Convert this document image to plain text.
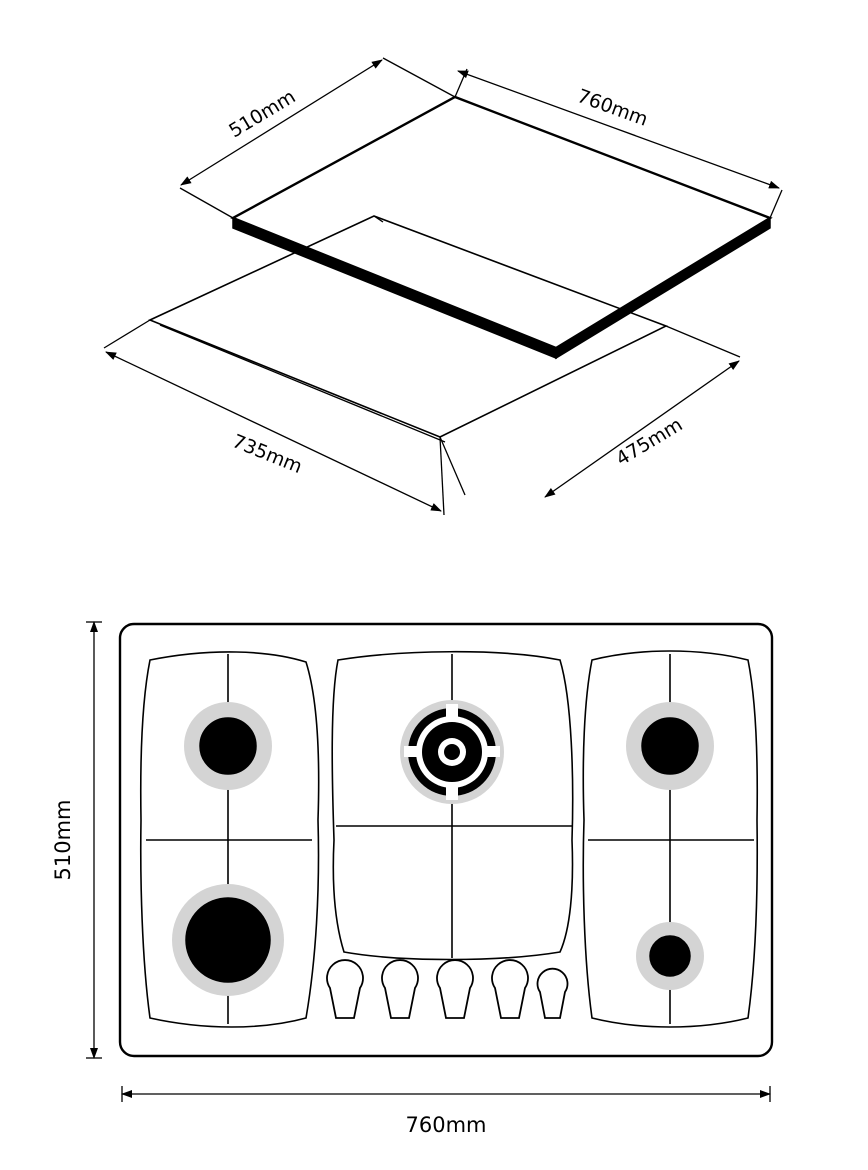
510mm	760mm
735mm	475mm
510mm
760mm
